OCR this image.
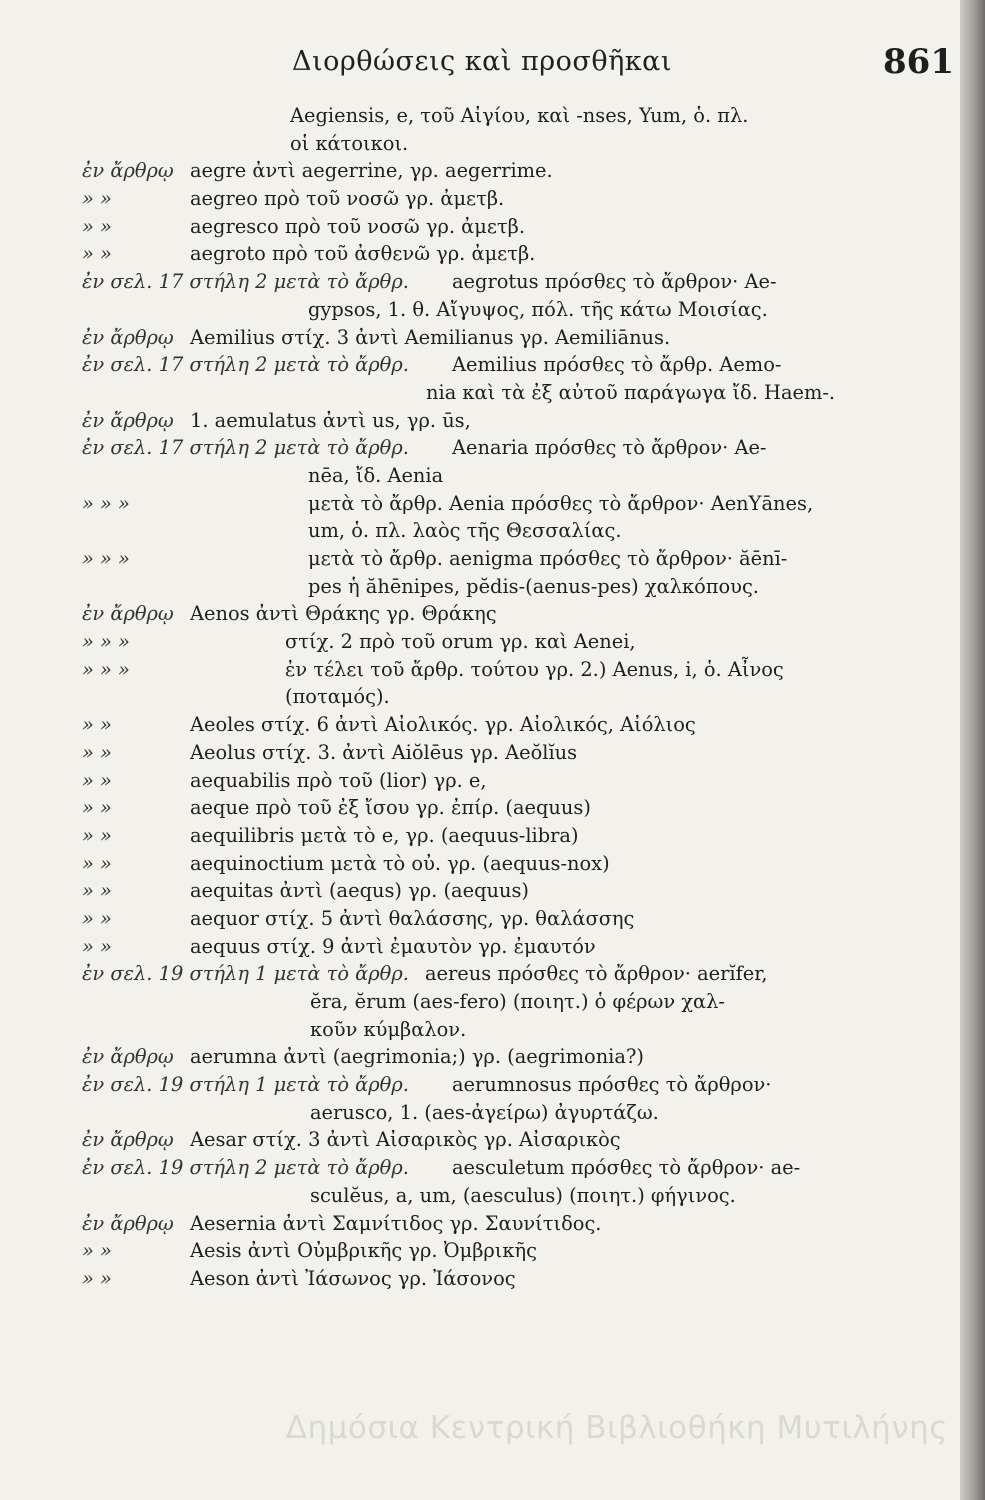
Διορθώσεις καὶ προσθῆκαι	861
Aegiensis, e, τοῦ Αἰγίου, καὶ -nses, Yum, ὁ. πλ.
οἱ κάτοικοι.
ἐν ἄρθρῳ aegre ἀντὶ aegerrine, γρ. aegerrime.
» »	aegreo πρὸ τοῦ νοσῶ γρ. ἀμετβ.
» »	aegresco πρὸ τοῦ νοσῶ γρ. ἀμετβ.
» »	aegroto πρὸ τοῦ ἀσθενῶ γρ. ἀμετβ.
ἐν σελ. 17 στήλη 2 μετὰ τὸ ἄρθρ. aegrotus πρόσθες τὸ ἄρθρον· Ae-
gypsos, 1. θ. Αἴγυψος, πόλ. τῆς κάτω Μοισίας.
ἐν ἄρθρῳ Aemilius στίχ. 3 ἀντὶ Aemilianus γρ. Aemiliānus.
ἐν σελ. 17 στήλη 2 μετὰ τὸ ἄρθρ. Aemilius πρόσθες τὸ ἄρθρ. Aemo-
nia καὶ τὰ ἐξ αὐτοῦ παράγωγα ἴδ. Haem-.
ἐν ἄρθρῳ 1. aemulatus ἀντὶ us, γρ. ūs,
ἐν σελ. 17 στήλη 2 μετὰ τὸ ἄρθρ. Aenaria πρόσθες τὸ ἄρθρον· Ae-
nēa, ἴδ. Aenia
» » »	μετὰ τὸ ἄρθρ. Aenia πρόσθες τὸ ἄρθρον· AenYānes,
um, ὁ. πλ. λαὸς τῆς Θεσσαλίας.
» » »	μετὰ τὸ ἄρθρ. aenigma πρόσθες τὸ ἄρθρον· ăēnī-
pes ἡ ăhēnipes, pĕdis-(aenus-pes) χαλκόπους.
ἐν ἄρθρῳ Aenos ἀντὶ Θράκης γρ. Θράκης
» » »	στίχ. 2 πρὸ τοῦ orum γρ. καὶ Aenei,
» » »	ἐν τέλει τοῦ ἄρθρ. τούτου γρ. 2.) Aenus, i, ὁ. Αἶνος
(ποταμός).
» »	Aeoles στίχ. 6 ἀντὶ Αἰολικός. γρ. Αἰολικός, Αἰόλιος
» »	Aeolus στίχ. 3. ἀντὶ Aiŏlēus γρ. Aeŏlĭus
» »	aequabilis πρὸ τοῦ (lior) γρ. e,
» »	aeque πρὸ τοῦ ἐξ ἴσου γρ. ἐπίρ. (aequus)
» »	aequilibris μετὰ τὸ e, γρ. (aequus-libra)
» »	aequinoctium μετὰ τὸ οὐ. γρ. (aequus-nox)
» »	aequitas ἀντὶ (aequs) γρ. (aequus)
» »	aequor στίχ. 5 ἀντὶ θαλάσσης, γρ. θαλάσσης
» »	aequus στίχ. 9 ἀντὶ ἐμαυτὸν γρ. ἐμαυτόν
ἐν σελ. 19 στήλη 1 μετὰ τὸ ἄρθρ. aereus πρόσθες τὸ ἄρθρον· aerĭfer,
ĕra, ĕrum (aes-fero) (ποιητ.) ὁ φέρων χαλ-
κοῦν κύμβαλον.
ἐν ἄρθρῳ aerumna ἀντὶ (aegrimonia;) γρ. (aegrimonia?)
ἐν σελ. 19 στήλη 1 μετὰ τὸ ἄρθρ. aerumnosus πρόσθες τὸ ἄρθρον·
aerusco, 1. (aes-ἀγείρω) ἀγυρτάζω.
ἐν ἄρθρῳ Aesar στίχ. 3 ἀντὶ Αἰσαρικὸς γρ. Αἰσαρικὸς
ἐν σελ. 19 στήλη 2 μετὰ τὸ ἄρθρ. aesculetum πρόσθες τὸ ἄρθρον· ae-
sculĕus, a, um, (aesculus) (ποιητ.) φήγινος.
ἐν ἄρθρῳ Aesernia ἀντὶ Σαμνίτιδος γρ. Σαυνίτιδος.
» »	Aesis ἀντὶ Οὐμβρικῆς γρ. Ὀμβρικῆς
» »	Aeson ἀντὶ Ἰάσωνος γρ. Ἰάσονος
Δημόσια Κεντρική Βιβλιοθήκη Μυτιλήνης
